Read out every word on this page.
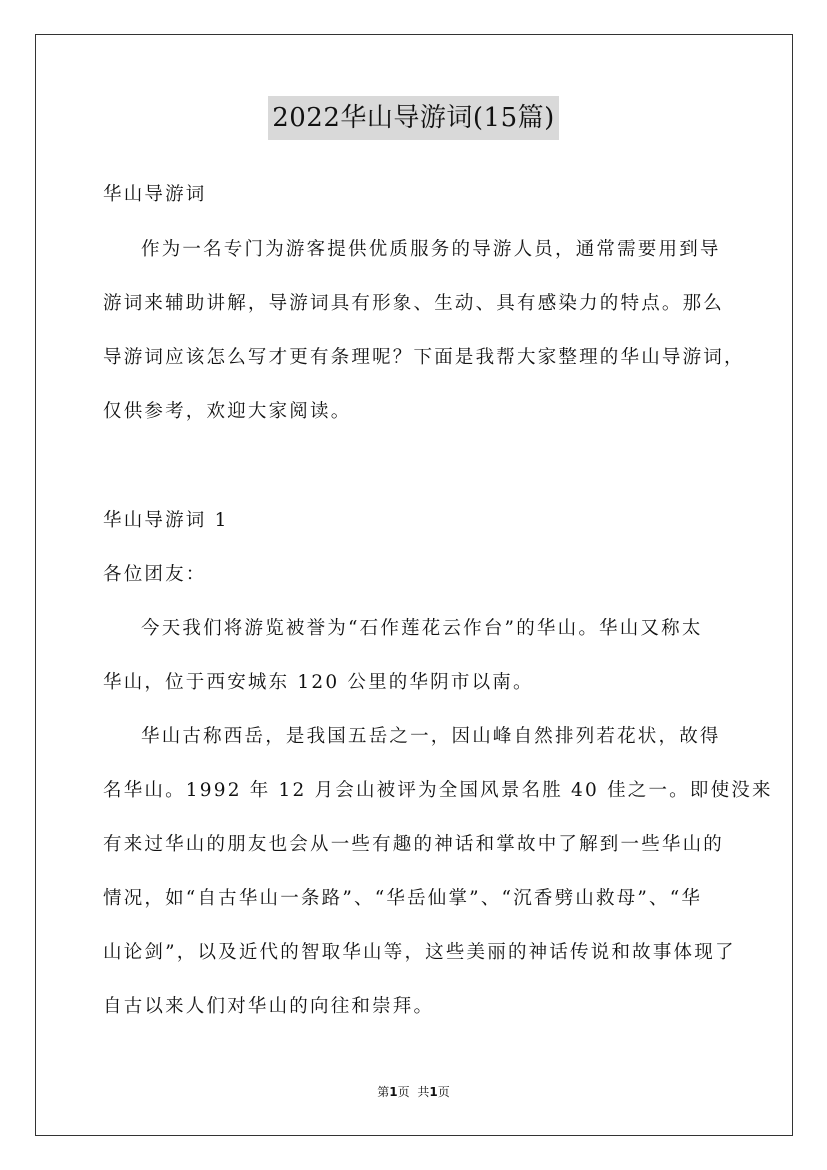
2022华山导游词(15篇)
华山导游词
作为一名专门为游客提供优质服务的导游人员，通常需要用到导
游词来辅助讲解，导游词具有形象、生动、具有感染力的特点。那么
导游词应该怎么写才更有条理呢？下面是我帮大家整理的华山导游词，
仅供参考，欢迎大家阅读。
华山导游词 1
各位团友：
今天我们将游览被誉为“石作莲花云作台”的华山。华山又称太
华山，位于西安城东 120 公里的华阴市以南。
华山古称西岳，是我国五岳之一，因山峰自然排列若花状，故得
名华山。1992 年 12 月会山被评为全国风景名胜 40 佳之一。即使没来
有来过华山的朋友也会从一些有趣的神话和掌故中了解到一些华山的
情况，如“自古华山一条路”、“华岳仙掌”、“沉香劈山救母”、“华
山论剑”，以及近代的智取华山等，这些美丽的神话传说和故事体现了
自古以来人们对华山的向往和崇拜。
第1页 共1页
